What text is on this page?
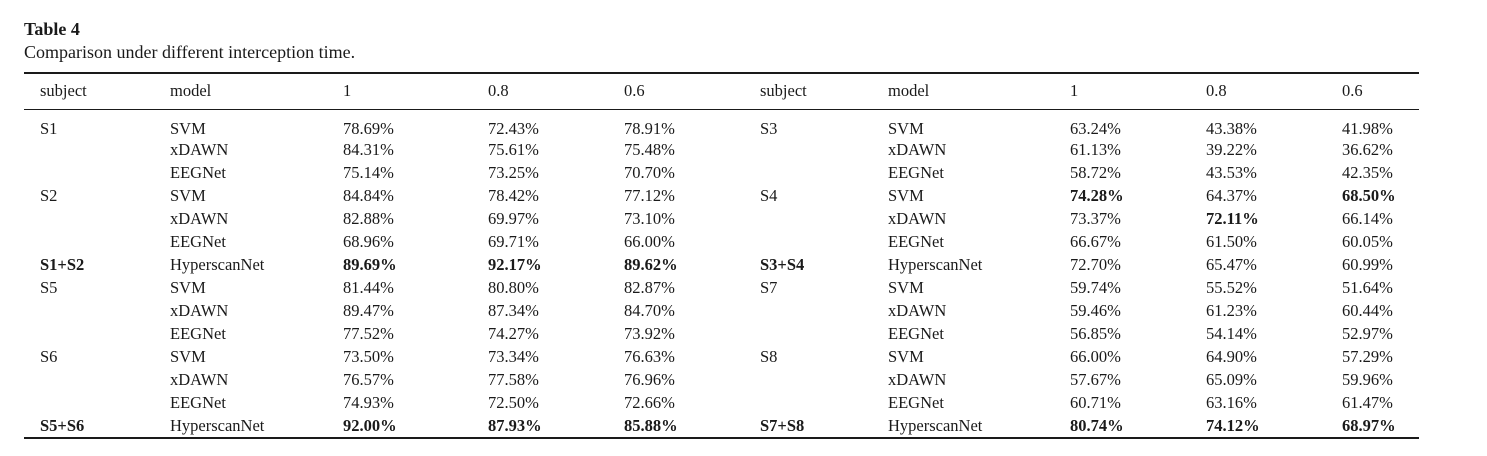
Table 4
Comparison under different interception time.
subject	model	1	0.8	0.6	subject	model	1	0.8	0.6
S1	SVM	78.69%	72.43%	78.91%	S3	SVM	63.24%	43.38%	41.98%
	xDAWN	84.31%	75.61%	75.48%		xDAWN	61.13%	39.22%	36.62%
	EEGNet	75.14%	73.25%	70.70%		EEGNet	58.72%	43.53%	42.35%
S2	SVM	84.84%	78.42%	77.12%	S4	SVM	74.28%	64.37%	68.50%
	xDAWN	82.88%	69.97%	73.10%		xDAWN	73.37%	72.11%	66.14%
	EEGNet	68.96%	69.71%	66.00%		EEGNet	66.67%	61.50%	60.05%
S1+S2	HyperscanNet	89.69%	92.17%	89.62%	S3+S4	HyperscanNet	72.70%	65.47%	60.99%
S5	SVM	81.44%	80.80%	82.87%	S7	SVM	59.74%	55.52%	51.64%
	xDAWN	89.47%	87.34%	84.70%		xDAWN	59.46%	61.23%	60.44%
	EEGNet	77.52%	74.27%	73.92%		EEGNet	56.85%	54.14%	52.97%
S6	SVM	73.50%	73.34%	76.63%	S8	SVM	66.00%	64.90%	57.29%
	xDAWN	76.57%	77.58%	76.96%		xDAWN	57.67%	65.09%	59.96%
	EEGNet	74.93%	72.50%	72.66%		EEGNet	60.71%	63.16%	61.47%
S5+S6	HyperscanNet	92.00%	87.93%	85.88%	S7+S8	HyperscanNet	80.74%	74.12%	68.97%
